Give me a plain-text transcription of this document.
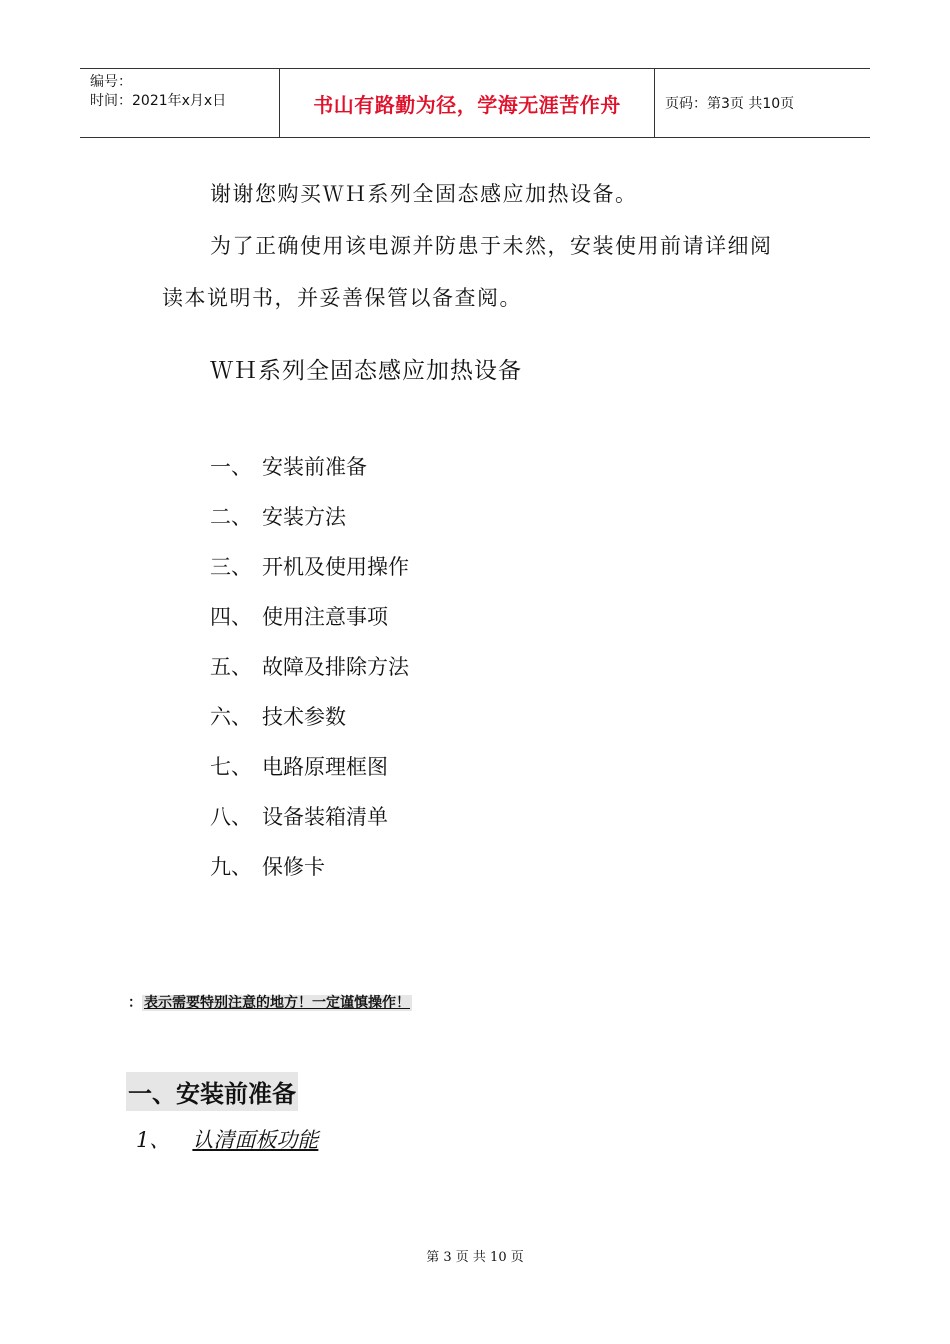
编号：
时间：2021年x月x日	书山有路勤为径，学海无涯苦作舟	页码：第3页 共10页
谢谢您购买ＷＨ系列全固态感应加热设备。
为了正确使用该电源并防患于未然，安装使用前请详细阅
读本说明书，并妥善保管以备查阅。
ＷＨ系列全固态感应加热设备
一、 安装前准备
二、 安装方法
三、 开机及使用操作
四、 使用注意事项
五、 故障及排除方法
六、 技术参数
七、 电路原理框图
八、 设备装箱清单
九、 保修卡
： 表示需要特别注意的地方！一定谨慎操作！
一、安装前准备
1、 认清面板功能
第 3 页 共 10 页
